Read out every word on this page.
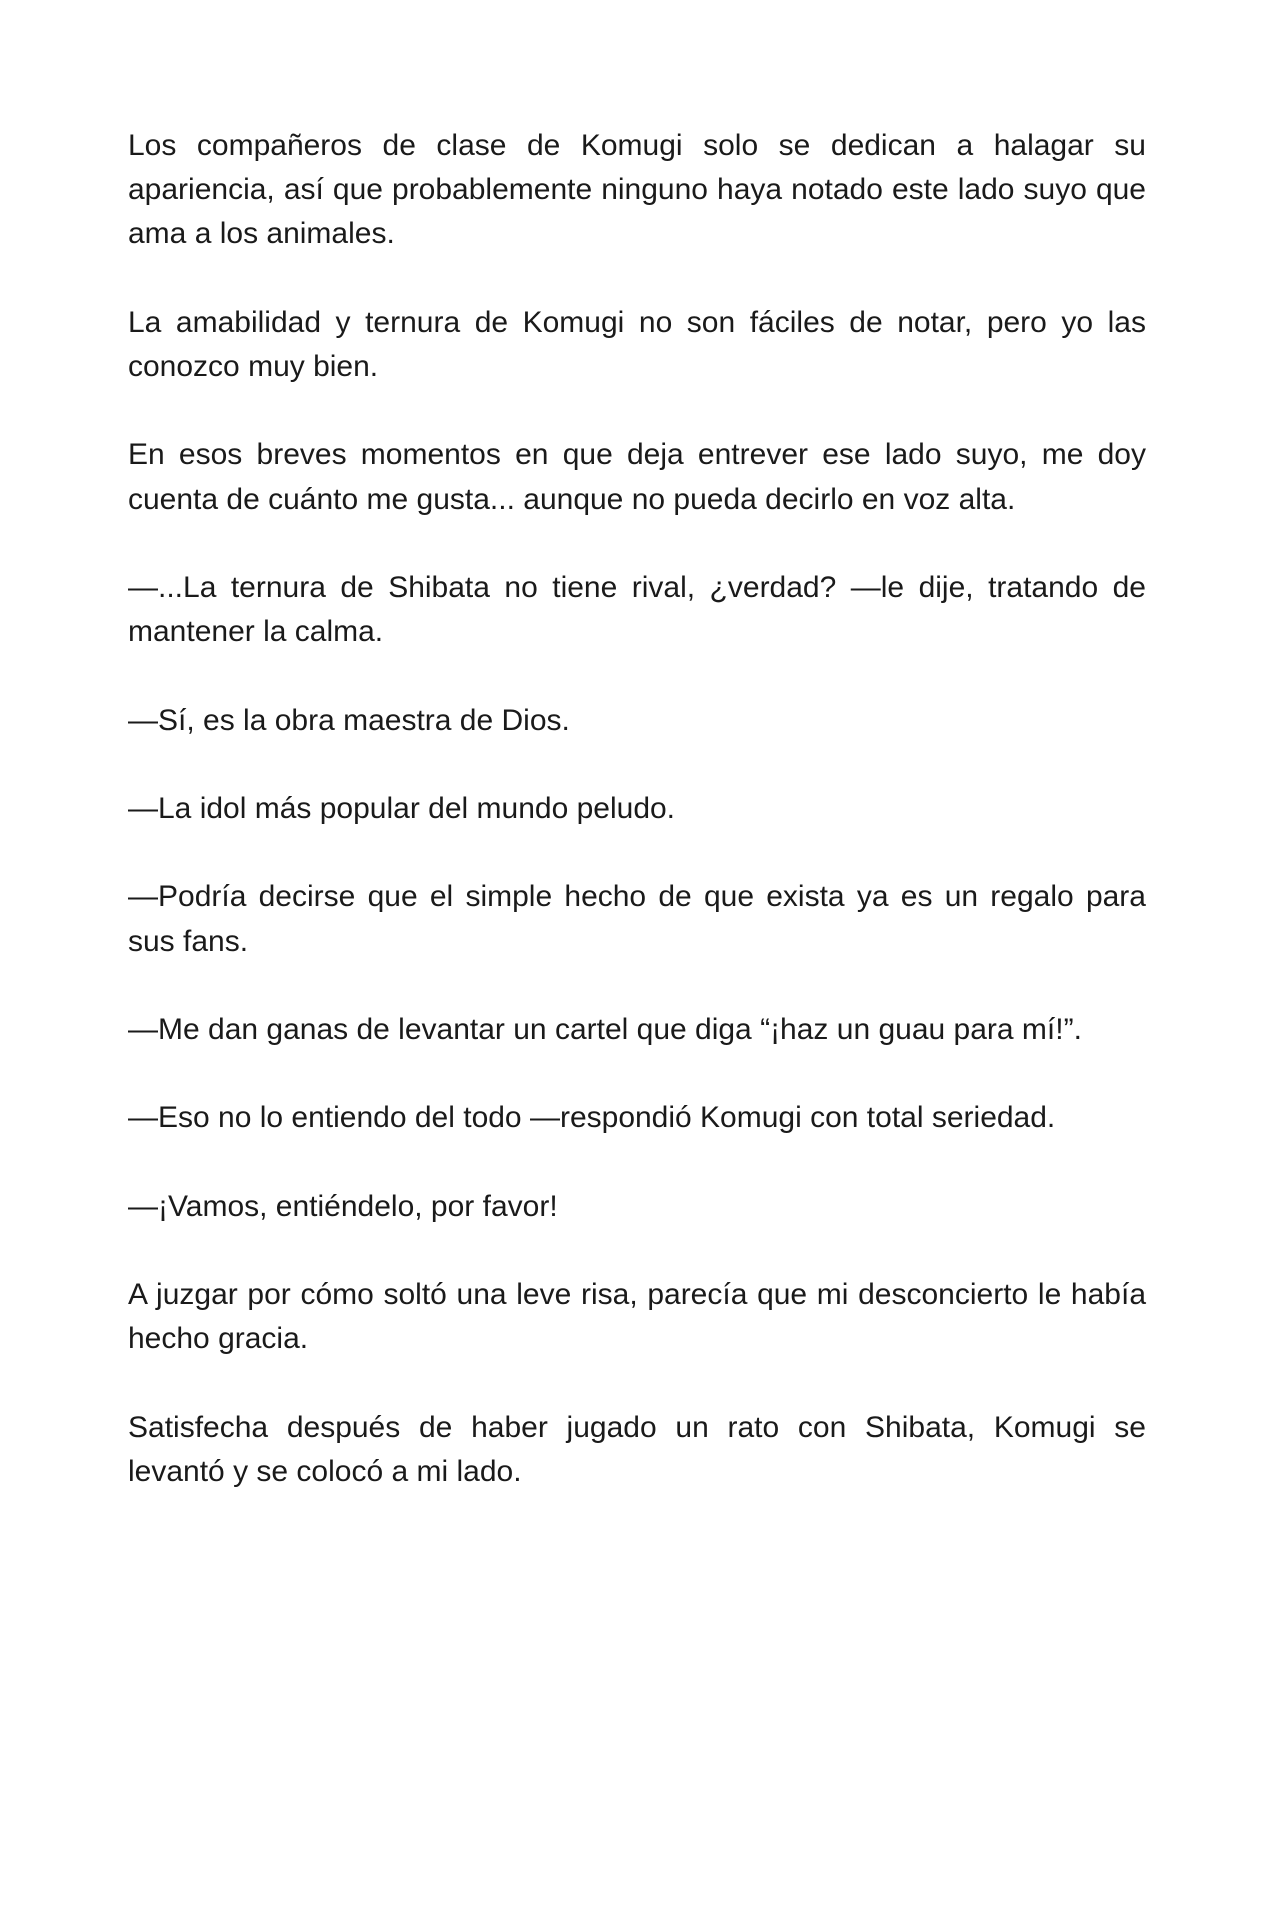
Los compañeros de clase de Komugi solo se dedican a halagar su apariencia, así que probablemente ninguno haya notado este lado suyo que ama a los animales.

La amabilidad y ternura de Komugi no son fáciles de notar, pero yo las conozco muy bien.

En esos breves momentos en que deja entrever ese lado suyo, me doy cuenta de cuánto me gusta... aunque no pueda decirlo en voz alta.

—...La ternura de Shibata no tiene rival, ¿verdad? —le dije, tratando de mantener la calma.

—Sí, es la obra maestra de Dios.

—La idol más popular del mundo peludo.

—Podría decirse que el simple hecho de que exista ya es un regalo para sus fans.

—Me dan ganas de levantar un cartel que diga “¡haz un guau para mí!”.

—Eso no lo entiendo del todo —respondió Komugi con total seriedad.

—¡Vamos, entiéndelo, por favor!

A juzgar por cómo soltó una leve risa, parecía que mi desconcierto le había hecho gracia.

Satisfecha después de haber jugado un rato con Shibata, Komugi se levantó y se colocó a mi lado.
